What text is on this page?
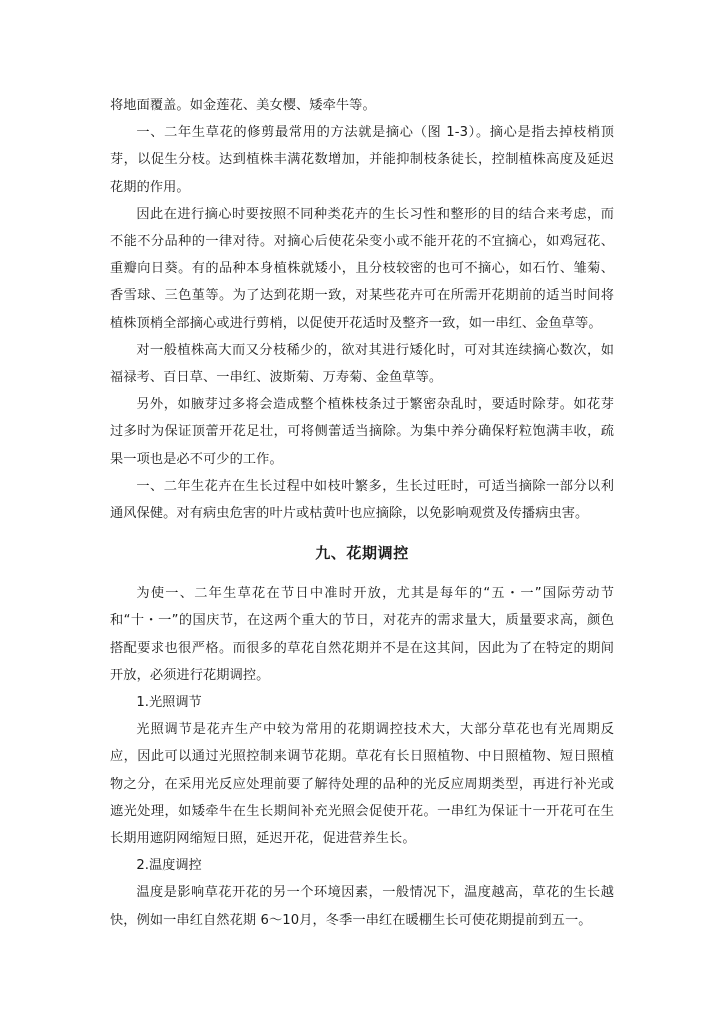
将地面覆盖。如金莲花、美女樱、矮牵牛等。

一、二年生草花的修剪最常用的方法就是摘心（图 1-3）。摘心是指去掉枝梢顶芽，以促生分枝。达到植株丰满花数增加，并能抑制枝条徒长，控制植株高度及延迟花期的作用。

因此在进行摘心时要按照不同种类花卉的生长习性和整形的目的结合来考虑，而不能不分品种的一律对待。对摘心后使花朵变小或不能开花的不宜摘心，如鸡冠花、重瓣向日葵。有的品种本身植株就矮小，且分枝较密的也可不摘心，如石竹、雏菊、香雪球、三色堇等。为了达到花期一致，对某些花卉可在所需开花期前的适当时间将植株顶梢全部摘心或进行剪梢，以促使开花适时及整齐一致，如一串红、金鱼草等。

对一般植株高大而又分枝稀少的，欲对其进行矮化时，可对其连续摘心数次，如福禄考、百日草、一串红、波斯菊、万寿菊、金鱼草等。

另外，如腋芽过多将会造成整个植株枝条过于繁密杂乱时，要适时除芽。如花芽过多时为保证顶蕾开花足壮，可将侧蕾适当摘除。为集中养分确保籽粒饱满丰收，疏果一项也是必不可少的工作。

一、二年生花卉在生长过程中如枝叶繁多，生长过旺时，可适当摘除一部分以利通风保健。对有病虫危害的叶片或枯黄叶也应摘除，以免影响观赏及传播病虫害。

九、花期调控

为使一、二年生草花在节日中准时开放，尤其是每年的“五・一”国际劳动节和“十・一”的国庆节，在这两个重大的节日，对花卉的需求量大，质量要求高，颜色搭配要求也很严格。而很多的草花自然花期并不是在这其间，因此为了在特定的期间开放，必须进行花期调控。

1.光照调节

光照调节是花卉生产中较为常用的花期调控技术大，大部分草花也有光周期反应，因此可以通过光照控制来调节花期。草花有长日照植物、中日照植物、短日照植物之分，在采用光反应处理前要了解待处理的品种的光反应周期类型，再进行补光或遮光处理，如矮牵牛在生长期间补充光照会促使开花。一串红为保证十一开花可在生长期用遮阴网缩短日照，延迟开花，促进营养生长。

2.温度调控

温度是影响草花开花的另一个环境因素，一般情况下，温度越高，草花的生长越快，例如一串红自然花期 6～10月，冬季一串红在暖棚生长可使花期提前到五一。
